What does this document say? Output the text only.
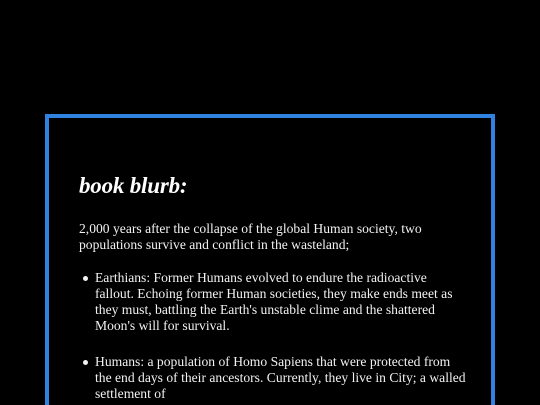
book blurb:

2,000 years after the collapse of the global Human society, two populations survive and conflict in the wasteland;

Earthians : Former Humans evolved to endure the radioactive fallout. Echoing former Human societies, they make ends meet as they must, battling the Earth's unstable clime and the shattered Moon's will for survival.
Humans : a population of Homo Sapiens that were protected from the end days of their ancestors. Currently, they live in City; a walled settlement of
